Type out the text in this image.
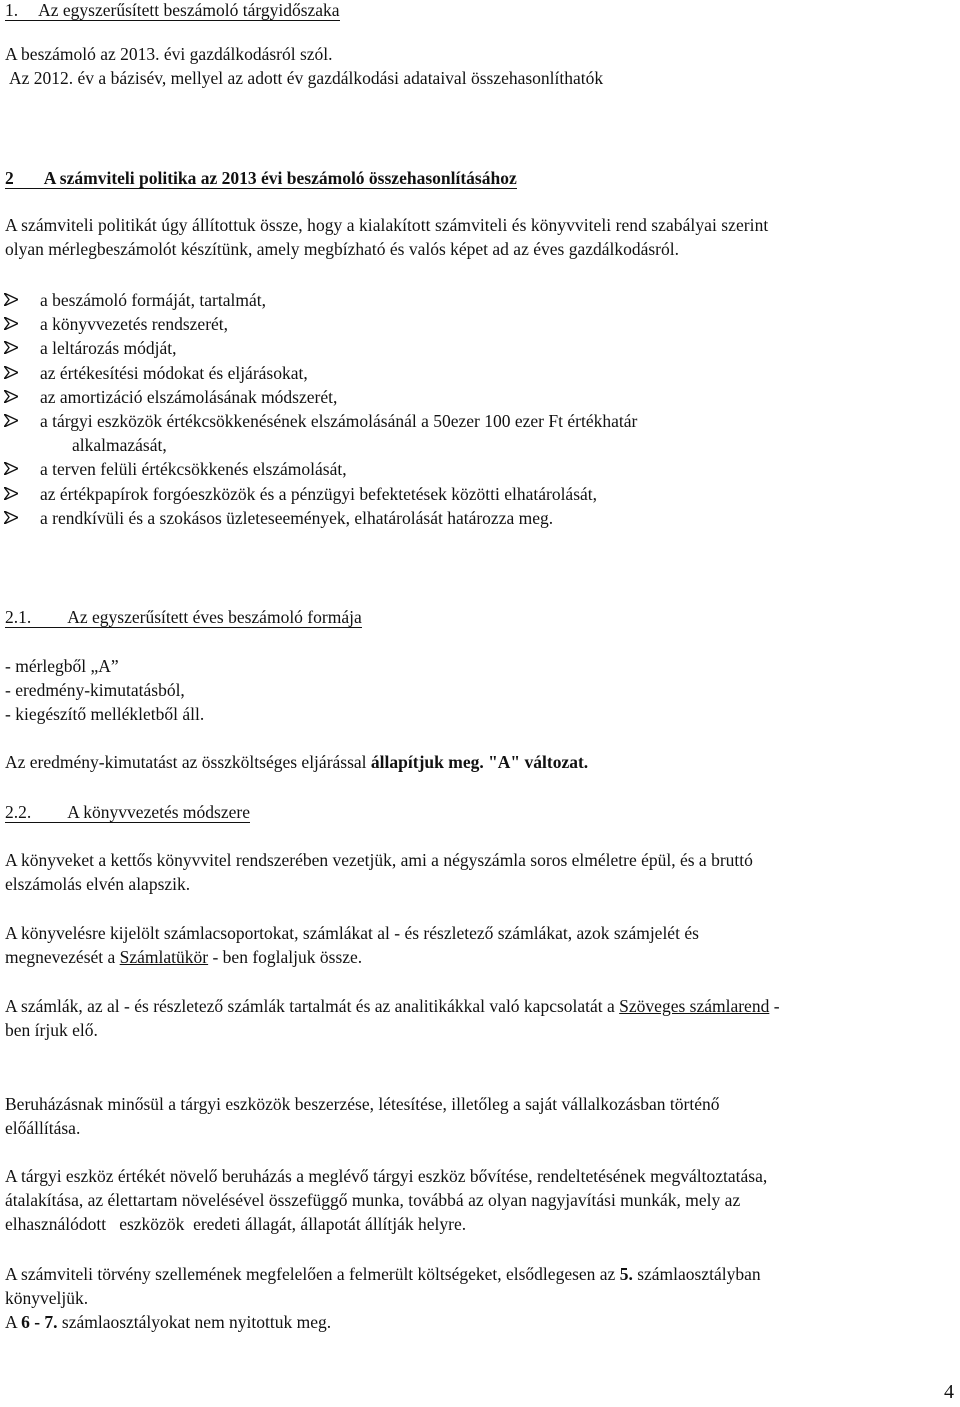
1. Az egyszerűsített beszámoló tárgyidőszaka
A beszámoló az 2013. évi gazdálkodásról szól.
Az 2012. év a bázisév, mellyel az adott év gazdálkodási adataival összehasonlíthatók
2 A számviteli politika az 2013 évi beszámoló összehasonlításához
A számviteli politikát úgy állítottuk össze, hogy a kialakított számviteli és könyvviteli rend szabályai szerint
olyan mérlegbeszámolót készítünk, amely megbízható és valós képet ad az éves gazdálkodásról.
a beszámoló formáját, tartalmát,
a könyvvezetés rendszerét,
a leltározás módját,
az értékesítési módokat és eljárásokat,
az amortizáció elszámolásának módszerét,
a tárgyi eszközök értékcsökkenésének elszámolásánál a 50ezer 100 ezer Ft értékhatár
alkalmazását,
a terven felüli értékcsökkenés elszámolását,
az értékpapírok forgóeszközök és a pénzügyi befektetések közötti elhatárolását,
a rendkívüli és a szokásos üzleteseemények, elhatárolását határozza meg.
2.1. Az egyszerűsített éves beszámoló formája
- mérlegből „A”
- eredmény-kimutatásból,
- kiegészítő mellékletből áll.
Az eredmény-kimutatást az összköltséges eljárással állapítjuk meg. "A" változat.
2.2. A könyvvezetés módszere
A könyveket a kettős könyvvitel rendszerében vezetjük, ami a négyszámla soros elméletre épül, és a bruttó
elszámolás elvén alapszik.
A könyvelésre kijelölt számlacsoportokat, számlákat al - és részletező számlákat, azok számjelét és
megnevezését a Számlatükör - ben foglaljuk össze.
A számlák, az al - és részletező számlák tartalmát és az analitikákkal való kapcsolatát a Szöveges számlarend -
ben írjuk elő.
Beruházásnak minősül a tárgyi eszközök beszerzése, létesítése, illetőleg a saját vállalkozásban történő
előállítása.
A tárgyi eszköz értékét növelő beruházás a meglévő tárgyi eszköz bővítése, rendeltetésének megváltoztatása,
átalakítása, az élettartam növelésével összefüggő munka, továbbá az olyan nagyjavítási munkák, mely az
elhasználódott   eszközök  eredeti állagát, állapotát állítják helyre.
A számviteli törvény szellemének megfelelően a felmerült költségeket, elsődlegesen az 5. számlaosztályban
könyveljük.
A 6 - 7. számlaosztályokat nem nyitottuk meg.
4
